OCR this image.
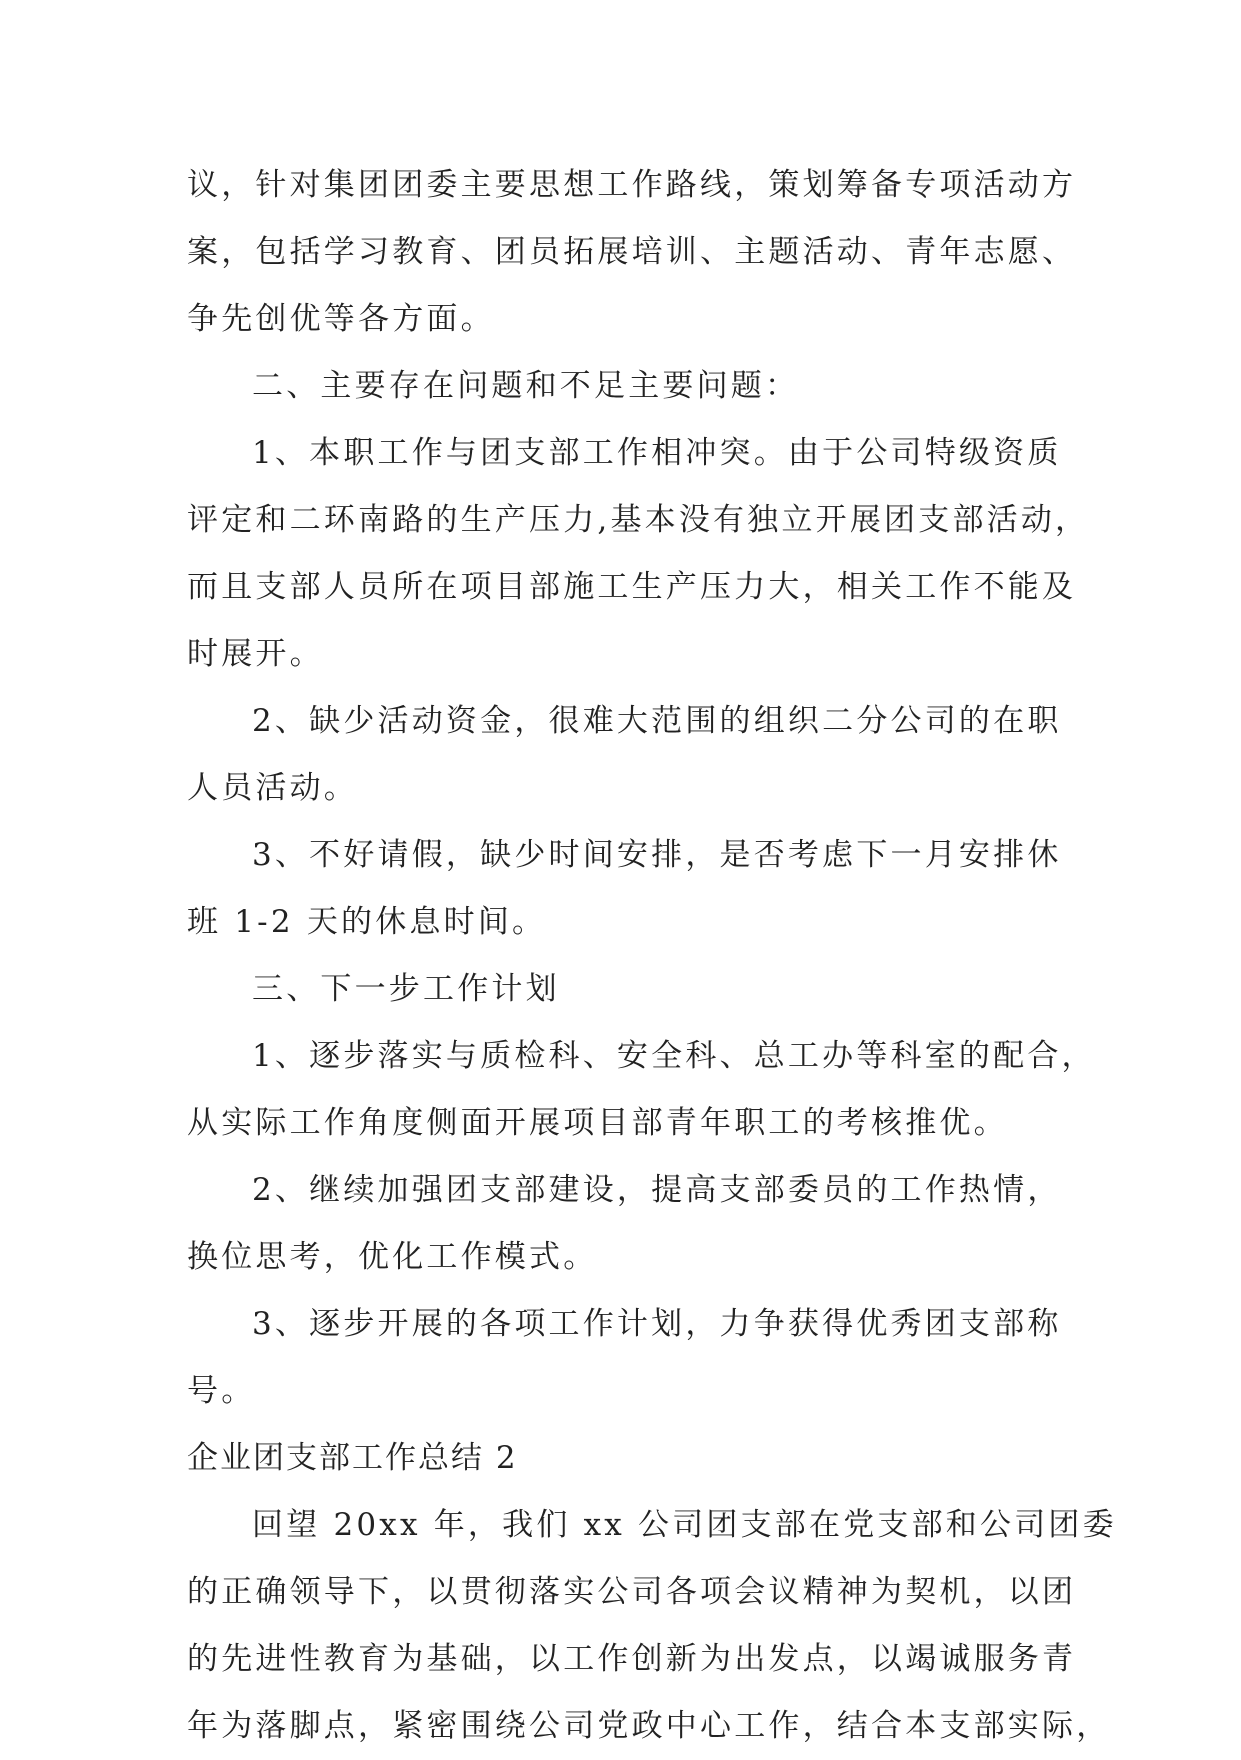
议，针对集团团委主要思想工作路线，策划筹备专项活动方
案，包括学习教育、团员拓展培训、主题活动、青年志愿、
争先创优等各方面。
二、主要存在问题和不足主要问题：
1、本职工作与团支部工作相冲突。由于公司特级资质
评定和二环南路的生产压力,基本没有独立开展团支部活动，
而且支部人员所在项目部施工生产压力大，相关工作不能及
时展开。
2、缺少活动资金，很难大范围的组织二分公司的在职
人员活动。
3、不好请假，缺少时间安排，是否考虑下一月安排休
班 1-2 天的休息时间。
三、下一步工作计划
1、逐步落实与质检科、安全科、总工办等科室的配合，
从实际工作角度侧面开展项目部青年职工的考核推优。
2、继续加强团支部建设，提高支部委员的工作热情，
换位思考，优化工作模式。
3、逐步开展的各项工作计划，力争获得优秀团支部称
号。
企业团支部工作总结 2
回望 20xx 年，我们 xx 公司团支部在党支部和公司团委
的正确领导下，以贯彻落实公司各项会议精神为契机，以团
的先进性教育为基础，以工作创新为出发点，以竭诚服务青
年为落脚点，紧密围绕公司党政中心工作，结合本支部实际，
